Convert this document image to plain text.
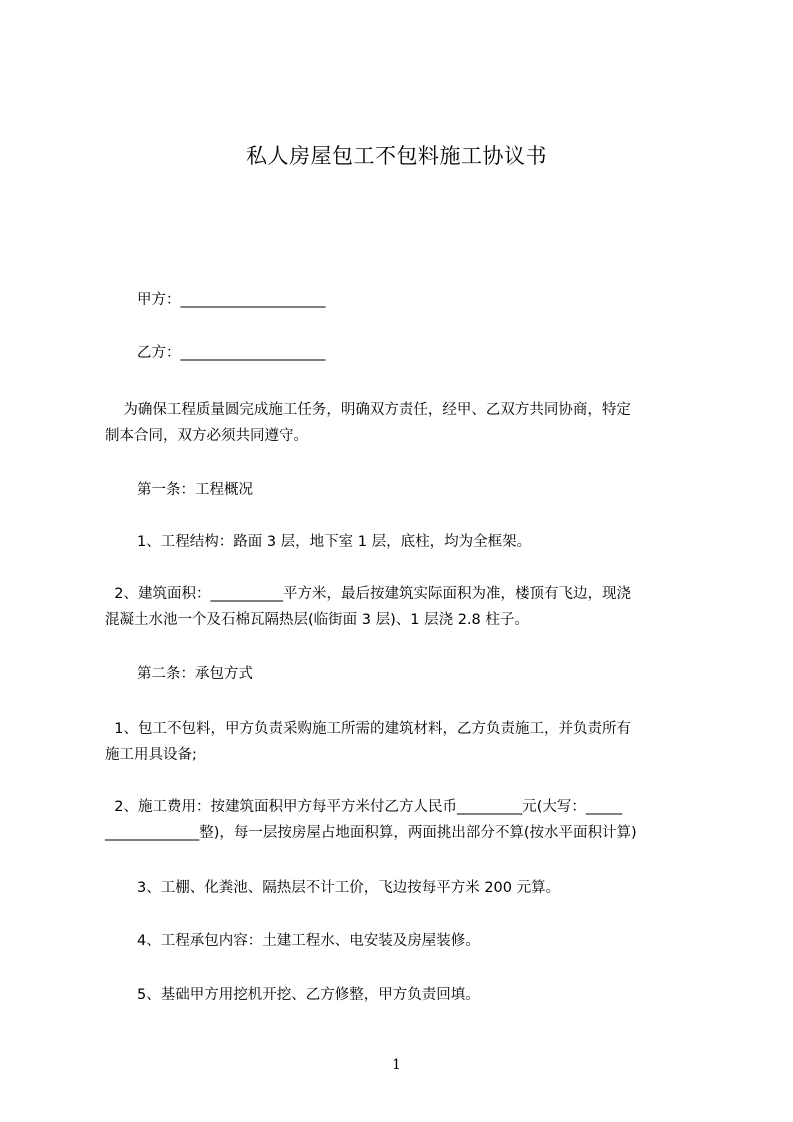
私人房屋包工不包料施工协议书
甲方：____________________
乙方：____________________
为确保工程质量圆完成施工任务，明确双方责任，经甲、乙双方共同协商，特定
制本合同，双方必须共同遵守。
第一条：工程概况
1、工程结构：路面 3 层，地下室 1 层，底柱，均为全框架。
2、建筑面积：__________平方米，最后按建筑实际面积为准，楼顶有飞边，现浇
混凝土水池一个及石棉瓦隔热层(临街面 3 层)、1 层浇 2.8 柱子。
第二条：承包方式
1、包工不包料，甲方负责采购施工所需的建筑材料，乙方负责施工，并负责所有
施工用具设备;
2、施工费用：按建筑面积甲方每平方米付乙方人民币_________元(大写：_____
_____________整)，每一层按房屋占地面积算，两面挑出部分不算(按水平面积计算)
3、工棚、化粪池、隔热层不计工价，飞边按每平方米 200 元算。
4、工程承包内容：土建工程水、电安装及房屋装修。
5、基础甲方用挖机开挖、乙方修整，甲方负责回填。
1
